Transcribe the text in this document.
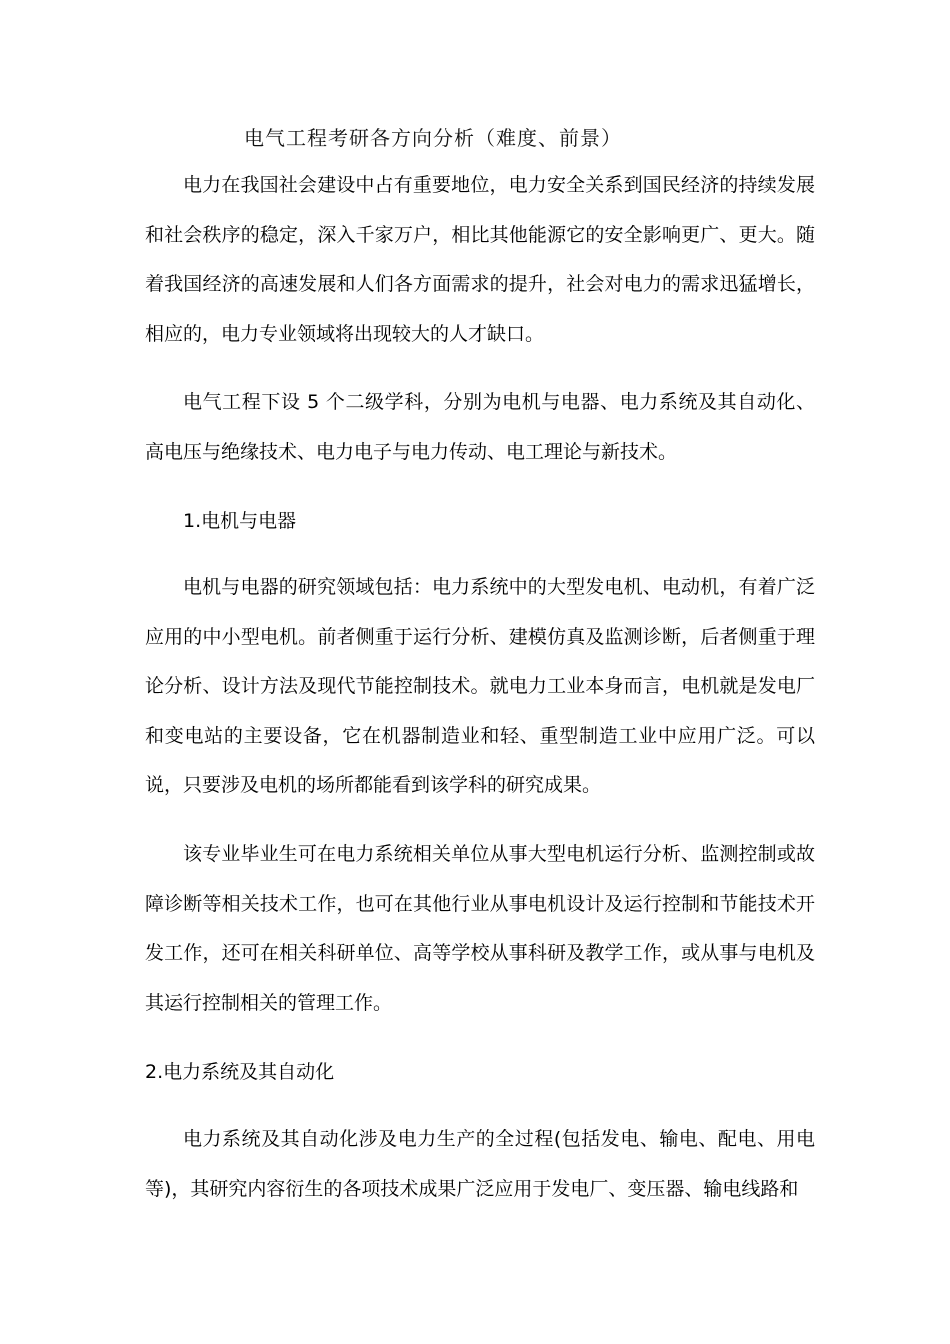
电气工程考研各方向分析（难度、前景）

电力在我国社会建设中占有重要地位，电力安全关系到国民经济的持续发展和社会秩序的稳定，深入千家万户，相比其他能源它的安全影响更广、更大。随着我国经济的高速发展和人们各方面需求的提升，社会对电力的需求迅猛增长，相应的，电力专业领域将出现较大的人才缺口。

电气工程下设 5 个二级学科，分别为电机与电器、电力系统及其自动化、高电压与绝缘技术、电力电子与电力传动、电工理论与新技术。

1.电机与电器

电机与电器的研究领域包括：电力系统中的大型发电机、电动机，有着广泛应用的中小型电机。前者侧重于运行分析、建模仿真及监测诊断，后者侧重于理论分析、设计方法及现代节能控制技术。就电力工业本身而言，电机就是发电厂和变电站的主要设备，它在机器制造业和轻、重型制造工业中应用广泛。可以说，只要涉及电机的场所都能看到该学科的研究成果。

该专业毕业生可在电力系统相关单位从事大型电机运行分析、监测控制或故障诊断等相关技术工作，也可在其他行业从事电机设计及运行控制和节能技术开发工作，还可在相关科研单位、高等学校从事科研及教学工作，或从事与电机及其运行控制相关的管理工作。

2.电力系统及其自动化

电力系统及其自动化涉及电力生产的全过程(包括发电、输电、配电、用电等)，其研究内容衍生的各项技术成果广泛应用于发电厂、变压器、输电线路和
